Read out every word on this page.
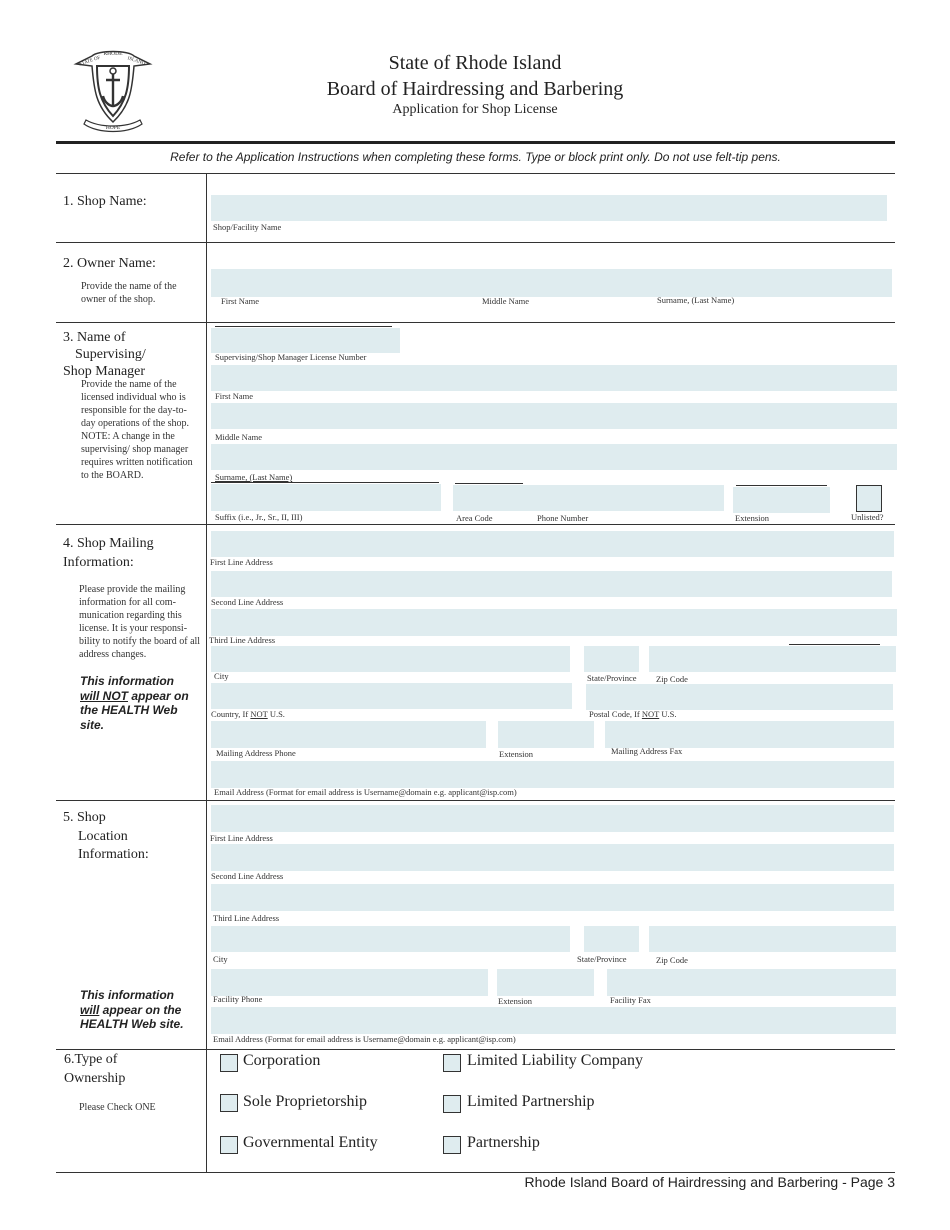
RHODE
STATE OF	ISLAND
HOPE
State of Rhode Island
Board of Hairdressing and Barbering
Application for Shop License
Refer to the Application Instructions when completing these forms. Type or block print only. Do not use felt-tip pens.
1. Shop Name:
Shop/Facility Name
2. Owner Name:
Provide the name of the owner of the shop.	First Name	Middle Name	Surname, (Last Name)
3. Name of
Supervising/
Shop Manager
Provide the name of the licensed individual who is responsible for the day-to-day operations of the shop. NOTE: A change in the supervising/ shop manager requires written notification to the BOARD.
Supervising/Shop Manager License Number
First Name
Middle Name
Surname, (Last Name)
Suffix (i.e., Jr., Sr., II, III)	Area Code	Phone Number	Extension	Unlisted?
4. Shop Mailing
Information:
Please provide the mailing information for all com- munication regarding this license. It is your responsi- bility to notify the board of all address changes.
This information
will NOT appear on
the HEALTH Web
site.
First Line Address
Second Line Address
Third Line Address
City	State/Province Zip Code
Country, If NOT U.S.	Postal Code, If NOT U.S.
Mailing Address Phone	Extension	Mailing Address Fax
Email Address (Format for email address is Username@domain e.g. applicant@isp.com)
5. Shop
Location
Information:
This information
will appear on the
HEALTH Web site.
First Line Address
Second Line Address
Third Line Address
City	State/Province	Zip Code
Facility Phone	Extension	Facility Fax
Email Address (Format for email address is Username@domain e.g. applicant@isp.com)
6.Type of
Ownership
Please Check ONE
Corporation	Limited Liability Company
Sole Proprietorship	Limited Partnership
Governmental Entity	Partnership
Rhode Island Board of Hairdressing and Barbering - Page 3
